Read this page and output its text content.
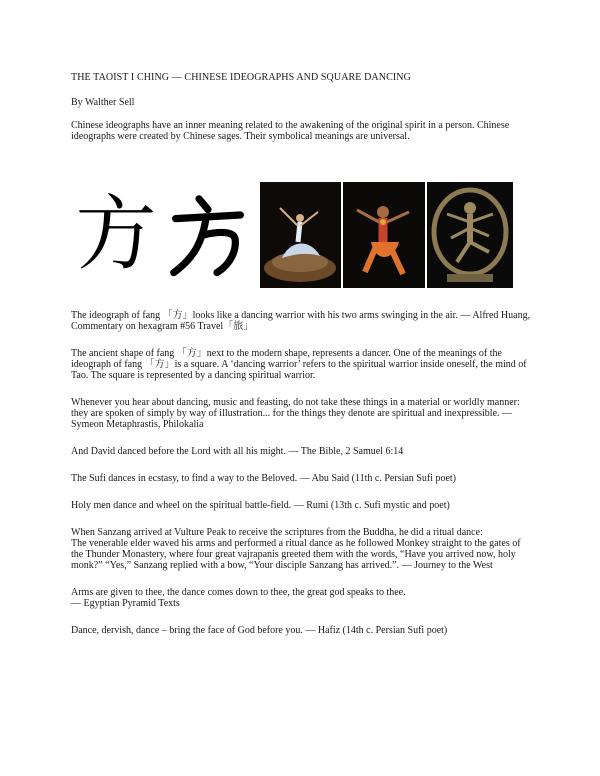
THE TAOIST I CHING — CHINESE IDEOGRAPHS AND SQUARE DANCING
By Walther Sell

Chinese ideographs have an inner meaning related to the awakening of the original spirit in a person. Chinese ideographs were created by Chinese sages. Their symbolical meanings are universal.

方

The ideograph of fang 「方」looks like a dancing warrior with his two arms swinging in the air. — Alfred Huang, Commentary on hexagram #56 Travel「旅」

The ancient shape of fang 「方」next to the modern shape, represents a dancer. One of the meanings of the ideograph of fang 「方」is a square. A ‘dancing warrior’ refers to the spiritual warrior inside oneself, the mind of Tao. The square is represented by a dancing spiritual warrior.

Whenever you hear about dancing, music and feasting, do not take these things in a material or worldly manner: they are spoken of simply by way of illustration... for the things they denote are spiritual and inexpressible. — Symeon Metaphrastis, Philokalia

And David danced before the Lord with all his might. — The Bible, 2 Samuel 6:14

The Sufi dances in ecstasy, to find a way to the Beloved. — Abu Saìd (11th c. Persian Sufi poet)

Holy men dance and wheel on the spiritual battle-field. — Rumi (13th c. Sufi mystic and poet)

When Sanzang arrived at Vulture Peak to receive the scriptures from the Buddha, he did a ritual dance:
The venerable elder waved his arms and performed a ritual dance as he followed Monkey straight to the gates of the Thunder Monastery, where four great vajrapanis greeted them with the words, “Have you arrived now, holy monk?” “Yes,” Sanzang replied with a bow, “Your disciple Sanzang has arrived.”. — Journey to the West

Arms are given to thee, the dance comes down to thee, the great god speaks to thee.
— Egyptian Pyramid Texts

Dance, dervish, dance – bring the face of God before you. — Hafiz (14th c. Persian Sufi poet)
